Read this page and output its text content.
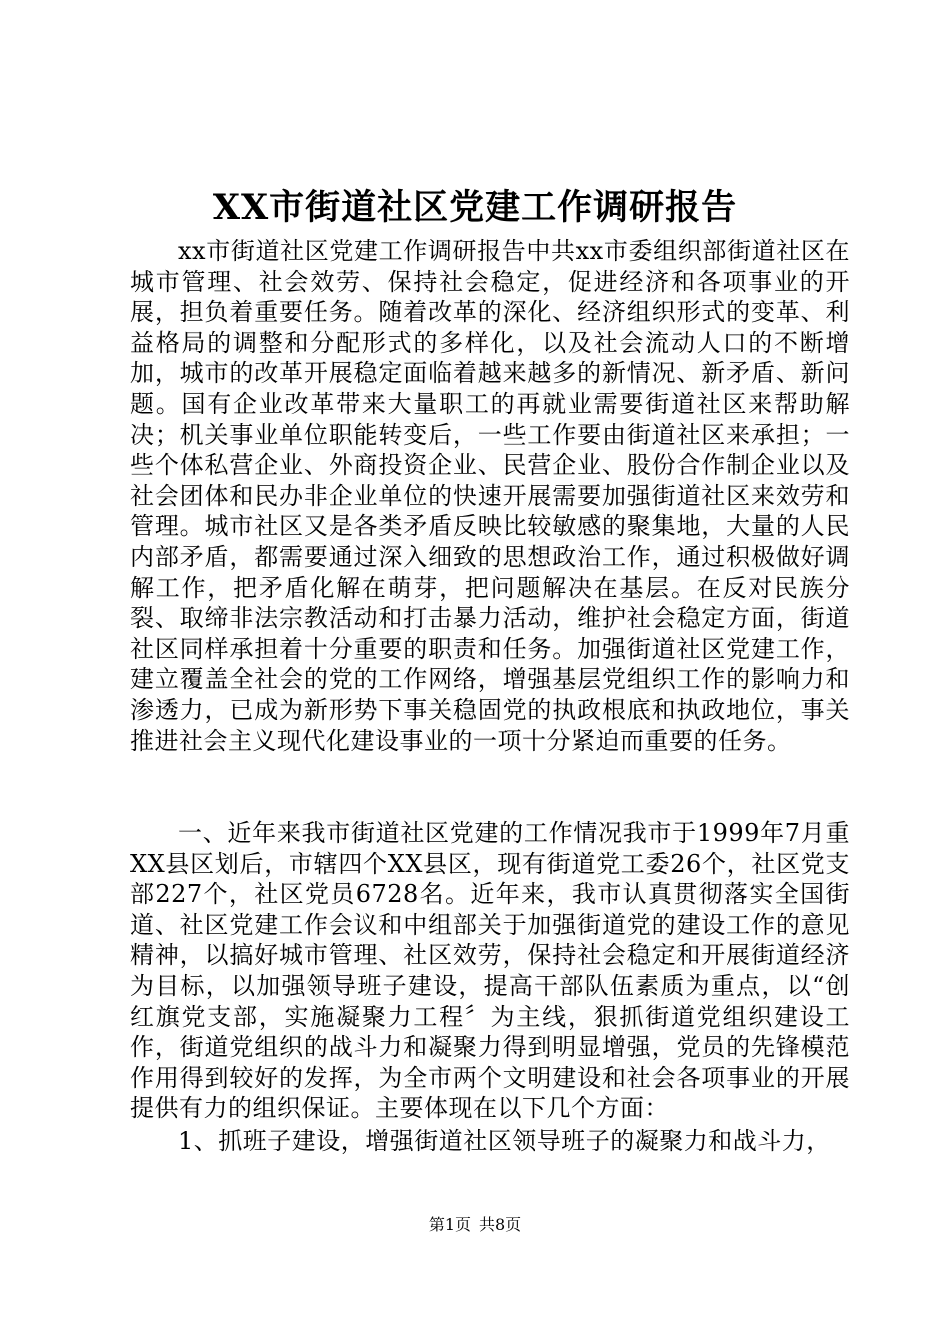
XX市街道社区党建工作调研报告

xx市街道社区党建工作调研报告中共xx市委组织部街道社区在城市管理、社会效劳、保持社会稳定，促进经济和各项事业的开展，担负着重要任务。随着改革的深化、经济组织形式的变革、利益格局的调整和分配形式的多样化，以及社会流动人口的不断增加，城市的改革开展稳定面临着越来越多的新情况、新矛盾、新问题。国有企业改革带来大量职工的再就业需要街道社区来帮助解决；机关事业单位职能转变后，一些工作要由街道社区来承担；一些个体私营企业、外商投资企业、民营企业、股份合作制企业以及社会团体和民办非企业单位的快速开展需要加强街道社区来效劳和管理。城市社区又是各类矛盾反映比较敏感的聚集地，大量的人民内部矛盾，都需要通过深入细致的思想政治工作，通过积极做好调解工作，把矛盾化解在萌芽，把问题解决在基层。在反对民族分裂、取缔非法宗教活动和打击暴力活动，维护社会稳定方面，街道社区同样承担着十分重要的职责和任务。加强街道社区党建工作，建立覆盖全社会的党的工作网络，增强基层党组织工作的影响力和渗透力，已成为新形势下事关稳固党的执政根底和执政地位，事关推进社会主义现代化建设事业的一项十分紧迫而重要的任务。

一、近年来我市街道社区党建的工作情况我市于1999年7月重XX县区划后，市辖四个XX县区，现有街道党工委26个，社区党支部227个，社区党员6728名。近年来，我市认真贯彻落实全国街道、社区党建工作会议和中组部关于加强街道党的建设工作的意见精神，以搞好城市管理、社区效劳，保持社会稳定和开展街道经济为目标，以加强领导班子建设，提高干部队伍素质为重点，以“创红旗党支部，实施凝聚力工程〞为主线，狠抓街道党组织建设工作，街道党组织的战斗力和凝聚力得到明显增强，党员的先锋模范作用得到较好的发挥，为全市两个文明建设和社会各项事业的开展提供有力的组织保证。主要体现在以下几个方面：

1、抓班子建设，增强街道社区领导班子的凝聚力和战斗力，

第1页 共8页
